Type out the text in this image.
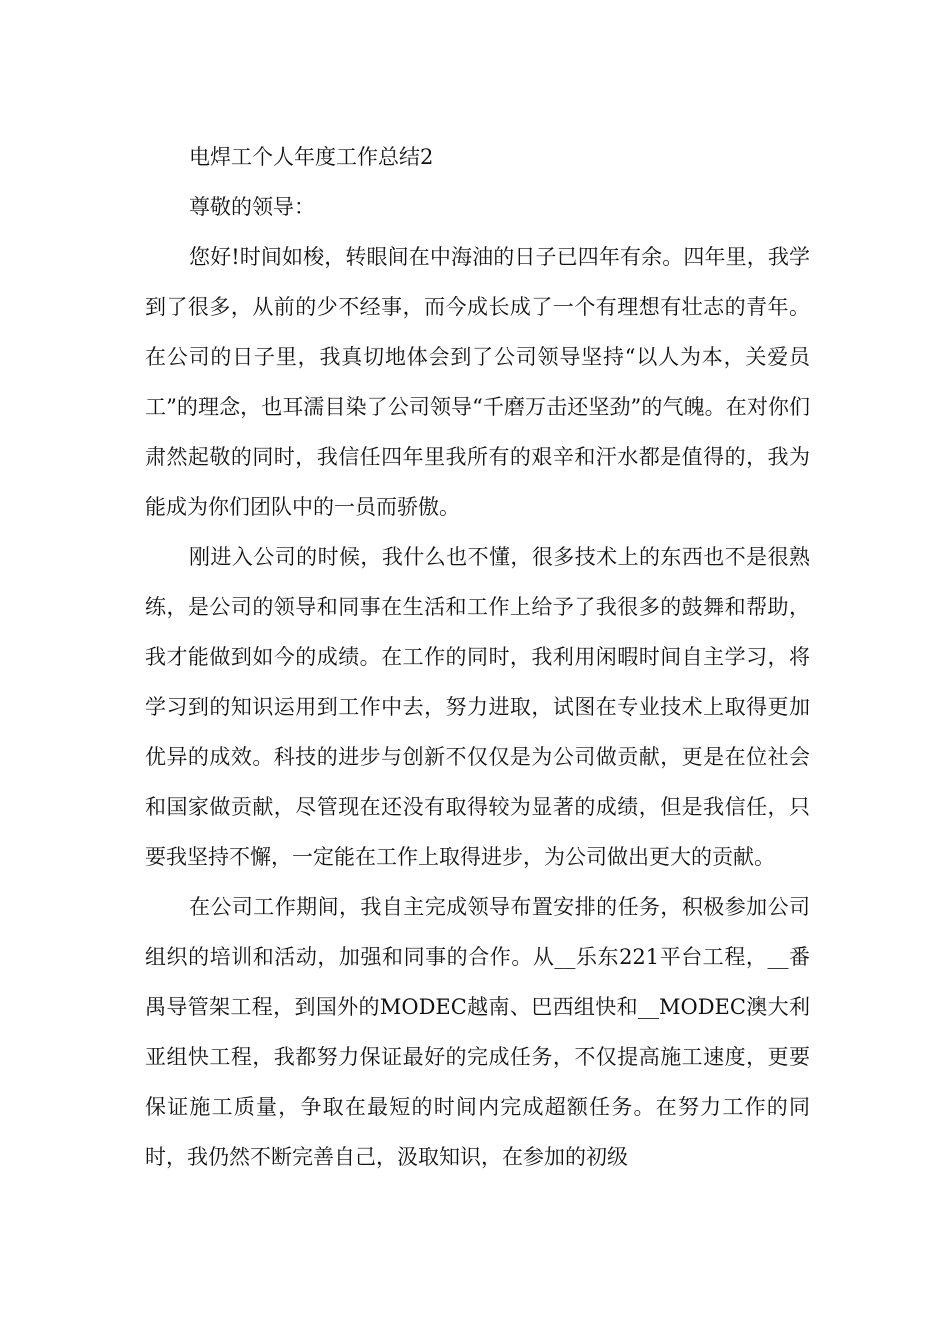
电焊工个人年度工作总结2

尊敬的领导：

您好!时间如梭，转眼间在中海油的日子已四年有余。四年里，我学到了很多，从前的少不经事，而今成长成了一个有理想有壮志的青年。在公司的日子里，我真切地体会到了公司领导坚持“以人为本，关爱员工”的理念，也耳濡目染了公司领导“千磨万击还坚劲”的气魄。在对你们肃然起敬的同时，我信任四年里我所有的艰辛和汗水都是值得的，我为能成为你们团队中的一员而骄傲。

刚进入公司的时候，我什么也不懂，很多技术上的东西也不是很熟练，是公司的领导和同事在生活和工作上给予了我很多的鼓舞和帮助，我才能做到如今的成绩。在工作的同时，我利用闲暇时间自主学习，将学习到的知识运用到工作中去，努力进取，试图在专业技术上取得更加优异的成效。科技的进步与创新不仅仅是为公司做贡献，更是在位社会和国家做贡献，尽管现在还没有取得较为显著的成绩，但是我信任，只要我坚持不懈，一定能在工作上取得进步，为公司做出更大的贡献。

在公司工作期间，我自主完成领导布置安排的任务，积极参加公司组织的培训和活动，加强和同事的合作。从__乐东221平台工程，__番禺导管架工程，到国外的MODEC越南、巴西组快和__MODEC澳大利亚组快工程，我都努力保证最好的完成任务，不仅提高施工速度，更要保证施工质量，争取在最短的时间内完成超额任务。在努力工作的同时，我仍然不断完善自己，汲取知识，在参加的初级
